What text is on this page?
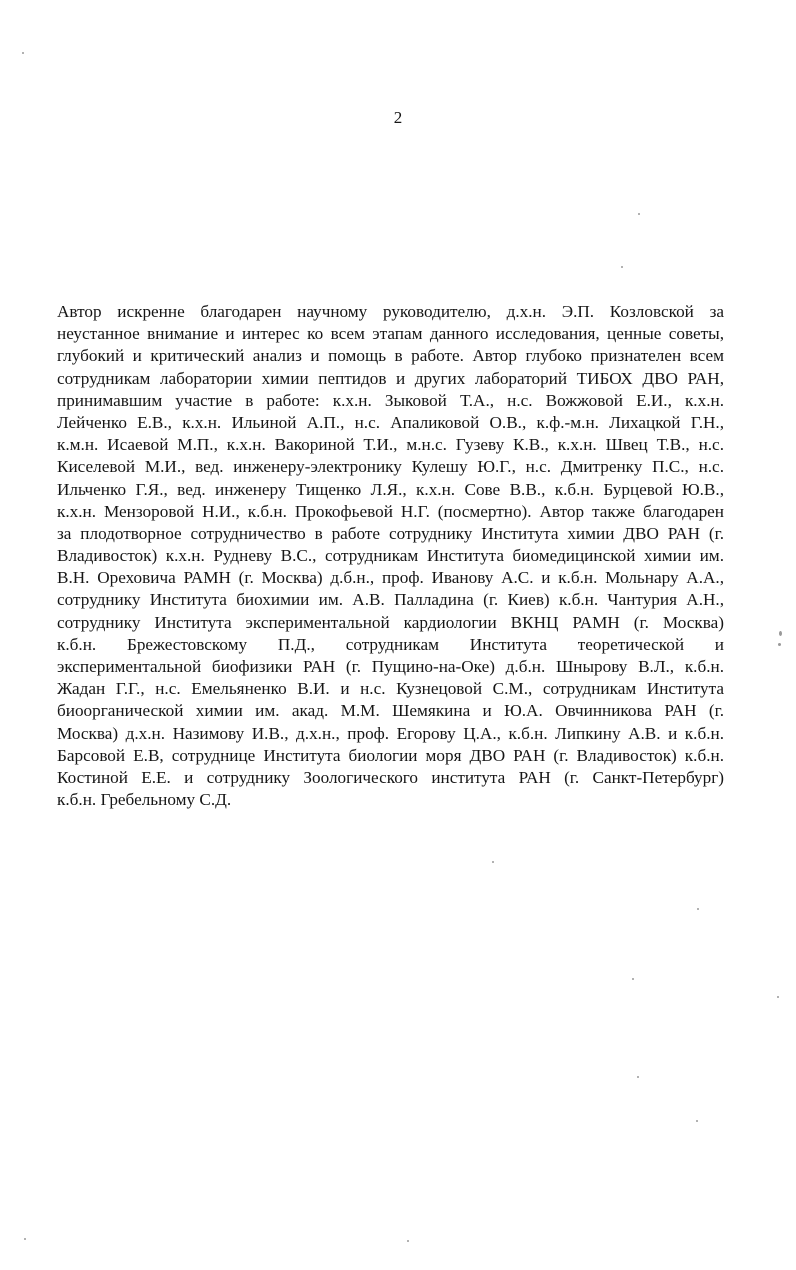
2
Автор искренне благодарен научному руководителю, д.х.н. Э.П. Козловской за
неустанное внимание и интерес ко всем этапам данного исследования, ценные советы,
глубокий и критический анализ и помощь в работе. Автор глубоко признателен всем
сотрудникам лаборатории химии пептидов и других лабораторий ТИБОХ ДВО РАН,
принимавшим участие в работе: к.х.н. Зыковой Т.А., н.с. Вожжовой Е.И., к.х.н.
Лейченко Е.В., к.х.н. Ильиной А.П., н.с. Апаликовой О.В., к.ф.-м.н. Лихацкой Г.Н.,
к.м.н. Исаевой М.П., к.х.н. Вакориной Т.И., м.н.с. Гузеву К.В., к.х.н. Швец Т.В., н.с.
Киселевой М.И., вед. инженеру-электронику Кулешу Ю.Г., н.с. Дмитренку П.С., н.с.
Ильченко Г.Я., вед. инженеру Тищенко Л.Я., к.х.н. Сове В.В., к.б.н. Бурцевой Ю.В.,
к.х.н. Мензоровой Н.И., к.б.н. Прокофьевой Н.Г. (посмертно). Автор также благодарен
за плодотворное сотрудничество в работе сотруднику Института химии ДВО РАН (г.
Владивосток) к.х.н. Рудневу В.С., сотрудникам Института биомедицинской химии им.
В.Н. Ореховича РАМН (г. Москва) д.б.н., проф. Иванову А.С. и к.б.н. Мольнару А.А.,
сотруднику Института биохимии им. А.В. Палладина (г. Киев) к.б.н. Чантурия А.Н.,
сотруднику Института экспериментальной кардиологии ВКНЦ РАМН (г. Москва)
к.б.н. Брежестовскому П.Д., сотрудникам Института теоретической и
экспериментальной биофизики РАН (г. Пущино-на-Оке) д.б.н. Шнырову В.Л., к.б.н.
Жадан Г.Г., н.с. Емельяненко В.И. и н.с. Кузнецовой С.М., сотрудникам Института
биоорганической химии им. акад. М.М. Шемякина и Ю.А. Овчинникова РАН (г.
Москва) д.х.н. Назимову И.В., д.х.н., проф. Егорову Ц.А., к.б.н. Липкину А.В. и к.б.н.
Барсовой Е.В, сотруднице Института биологии моря ДВО РАН (г. Владивосток) к.б.н.
Костиной Е.Е. и сотруднику Зоологического института РАН (г. Санкт-Петербург)
к.б.н. Гребельному С.Д.
